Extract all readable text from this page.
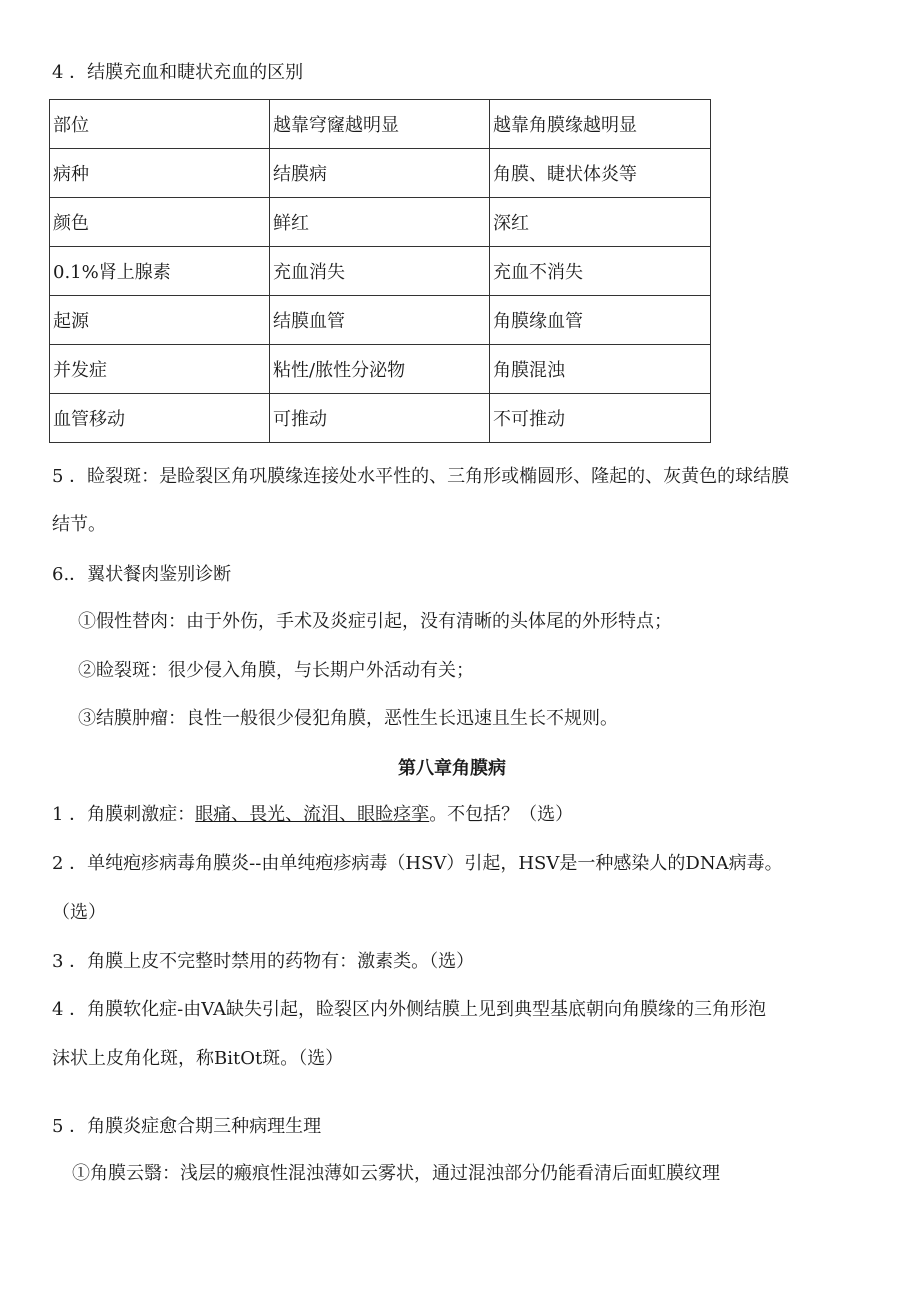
4 ．结膜充血和睫状充血的区别
部位	越靠穹窿越明显	越靠角膜缘越明显
病种	结膜病	角膜、睫状体炎等
颜色	鲜红	深红
0.1%肾上腺素	充血消失	充血不消失
起源	结膜血管	角膜缘血管
并发症	粘性/脓性分泌物	角膜混浊
血管移动	可推动	不可推动
5 ．睑裂斑：是睑裂区角巩膜缘连接处水平性的、三角形或椭圆形、隆起的、灰黄色的球结膜
结节。
6.．翼状餐肉鉴别诊断
①假性替肉：由于外伤，手术及炎症引起，没有清晰的头体尾的外形特点；
②睑裂斑：很少侵入角膜，与长期户外活动有关；
③结膜肿瘤：良性一般很少侵犯角膜，恶性生长迅速且生长不规则。
第八章角膜病
1 ．角膜刺激症：眼痛、畏光、流泪、眼睑痉挛。不包括？（选）
2 ．单纯疱疹病毒角膜炎--由单纯疱疹病毒（HSV）引起，HSV是一种感染人的DNA病毒。
（选）
3 ．角膜上皮不完整时禁用的药物有：激素类。（选）
4 ．角膜软化症-由VA缺失引起，睑裂区内外侧结膜上见到典型基底朝向角膜缘的三角形泡
沫状上皮角化斑，称BitOt斑。（选）
5 ．角膜炎症愈合期三种病理生理
①角膜云翳：浅层的瘢痕性混浊薄如云雾状，通过混浊部分仍能看清后面虹膜纹理
